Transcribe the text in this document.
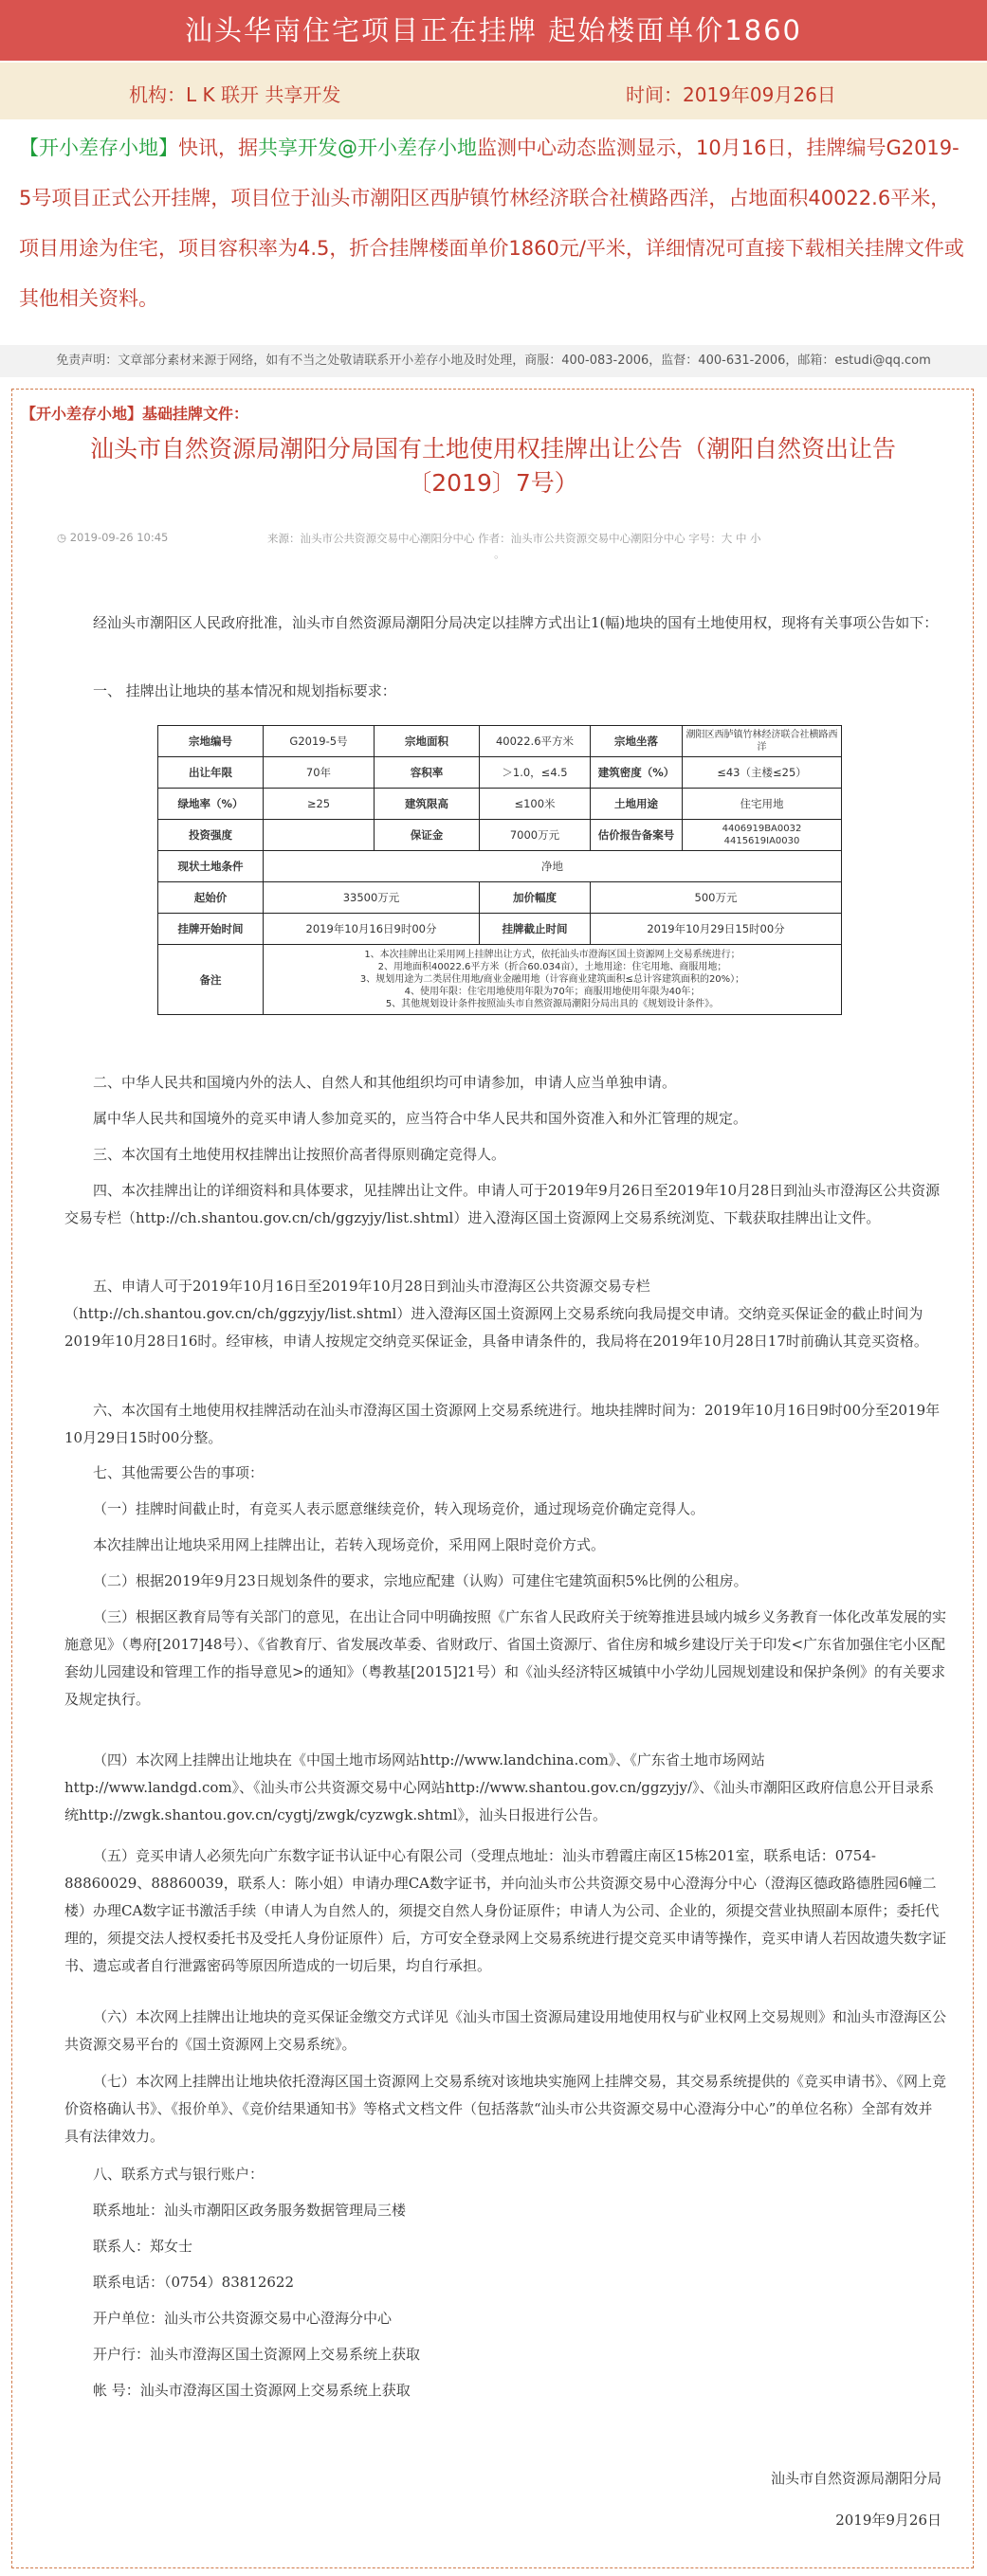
汕头华南住宅项目正在挂牌 起始楼面单价1860
机构：L K 联开 共享开发	时间：2019年09月26日
【开小差存小地】快讯，据共享开发@开小差存小地监测中心动态监测显示，10月16日，挂牌编号G2019-5号项目正式公开挂牌，项目位于汕头市潮阳区西胪镇竹林经济联合社横路西洋，占地面积40022.6平米，项目用途为住宅，项目容积率为4.5，折合挂牌楼面单价1860元/平米，详细情况可直接下载相关挂牌文件或其他相关资料。
免责声明：文章部分素材来源于网络，如有不当之处敬请联系开小差存小地及时处理，商服：400-083-2006，监督：400-631-2006，邮箱：estudi@qq.com
【开小差存小地】基础挂牌文件：
汕头市自然资源局潮阳分局国有土地使用权挂牌出让公告（潮阳自然资出让告〔2019〕7号）
◷ 2019-09-26 10:45	来源：汕头市公共资源交易中心潮阳分中心 作者：汕头市公共资源交易中心潮阳分中心 字号：大 中 小
◦
经汕头市潮阳区人民政府批准，汕头市自然资源局潮阳分局决定以挂牌方式出让1(幅)地块的国有土地使用权，现将有关事项公告如下：
一、 挂牌出让地块的基本情况和规划指标要求：
宗地编号	G2019-5号	宗地面积	40022.6平方米	宗地坐落	潮阳区西胪镇竹林经济联合社横路西洋
出让年限	70年	容积率	＞1.0，≤4.5	建筑密度（%）	≤43（主楼≤25）
绿地率（%）	≥25	建筑限高	≤100米	土地用途	住宅用地
投资强度		保证金	7000万元	估价报告备案号	4406919BA0032 4415619IA0030
现状土地条件	净地				
起始价	33500万元		加价幅度	500万元	
挂牌开始时间	2019年10月16日9时00分		挂牌截止时间	2019年10月29日15时00分	
备注	1、本次挂牌出让采用网上挂牌出让方式，依托汕头市澄海区国土资源网上交易系统进行；
2、用地面积40022.6平方米（折合60.034亩），土地用途：住宅用地、商服用地；
3、规划用途为二类居住用地/商业金融用地（计容商业建筑面积≤总计容建筑面积的20%）；
4、使用年限：住宅用地使用年限为70年；商服用地使用年限为40年；
5、其他规划设计条件按照汕头市自然资源局潮阳分局出具的《规划设计条件》。				
二、中华人民共和国境内外的法人、自然人和其他组织均可申请参加，申请人应当单独申请。
属中华人民共和国境外的竞买申请人参加竞买的，应当符合中华人民共和国外资准入和外汇管理的规定。
三、本次国有土地使用权挂牌出让按照价高者得原则确定竞得人。
四、本次挂牌出让的详细资料和具体要求，见挂牌出让文件。申请人可于2019年9月26日至2019年10月28日到汕头市澄海区公共资源交易专栏（http://ch.shantou.gov.cn/ch/ggzyjy/list.shtml）进入澄海区国土资源网上交易系统浏览、下载获取挂牌出让文件。
五、申请人可于2019年10月16日至2019年10月28日到汕头市澄海区公共资源交易专栏（http://ch.shantou.gov.cn/ch/ggzyjy/list.shtml）进入澄海区国土资源网上交易系统向我局提交申请。交纳竞买保证金的截止时间为2019年10月28日16时。经审核，申请人按规定交纳竞买保证金，具备申请条件的，我局将在2019年10月28日17时前确认其竞买资格。
六、本次国有土地使用权挂牌活动在汕头市澄海区国土资源网上交易系统进行。地块挂牌时间为：2019年10月16日9时00分至2019年10月29日15时00分整。
七、其他需要公告的事项：
（一）挂牌时间截止时，有竞买人表示愿意继续竞价，转入现场竞价，通过现场竞价确定竞得人。
本次挂牌出让地块采用网上挂牌出让，若转入现场竞价，采用网上限时竞价方式。
（二）根据2019年9月23日规划条件的要求，宗地应配建（认购）可建住宅建筑面积5%比例的公租房。
（三）根据区教育局等有关部门的意见，在出让合同中明确按照《广东省人民政府关于统筹推进县域内城乡义务教育一体化改革发展的实施意见》（粤府[2017]48号）、《省教育厅、省发展改革委、省财政厅、省国土资源厅、省住房和城乡建设厅关于印发<广东省加强住宅小区配套幼儿园建设和管理工作的指导意见>的通知》（粤教基[2015]21号）和《汕头经济特区城镇中小学幼儿园规划建设和保护条例》的有关要求及规定执行。
（四）本次网上挂牌出让地块在《中国土地市场网站http://www.landchina.com》、《广东省土地市场网站http://www.landgd.com》、《汕头市公共资源交易中心网站http://www.shantou.gov.cn/ggzyjy/》、《汕头市潮阳区政府信息公开目录系统http://zwgk.shantou.gov.cn/cygtj/zwgk/cyzwgk.shtml》，汕头日报进行公告。
（五）竞买申请人必须先向广东数字证书认证中心有限公司（受理点地址：汕头市碧霞庄南区15栋201室，联系电话：0754-88860029、88860039，联系人：陈小姐）申请办理CA数字证书，并向汕头市公共资源交易中心澄海分中心（澄海区德政路德胜园6幢二楼）办理CA数字证书激活手续（申请人为自然人的，须提交自然人身份证原件；申请人为公司、企业的，须提交营业执照副本原件；委托代理的，须提交法人授权委托书及受托人身份证原件）后，方可安全登录网上交易系统进行提交竞买申请等操作，竞买申请人若因故遗失数字证书、遗忘或者自行泄露密码等原因所造成的一切后果，均自行承担。
（六）本次网上挂牌出让地块的竞买保证金缴交方式详见《汕头市国土资源局建设用地使用权与矿业权网上交易规则》和汕头市澄海区公共资源交易平台的《国土资源网上交易系统》。
（七）本次网上挂牌出让地块依托澄海区国土资源网上交易系统对该地块实施网上挂牌交易，其交易系统提供的《竞买申请书》、《网上竞价资格确认书》、《报价单》、《竞价结果通知书》等格式文档文件（包括落款“汕头市公共资源交易中心澄海分中心”的单位名称）全部有效并具有法律效力。
八、联系方式与银行账户：
联系地址：汕头市潮阳区政务服务数据管理局三楼
联系人：郑女士
联系电话：（0754）83812622
开户单位：汕头市公共资源交易中心澄海分中心
开户行：汕头市澄海区国土资源网上交易系统上获取
帐 号：汕头市澄海区国土资源网上交易系统上获取
汕头市自然资源局潮阳分局
2019年9月26日
